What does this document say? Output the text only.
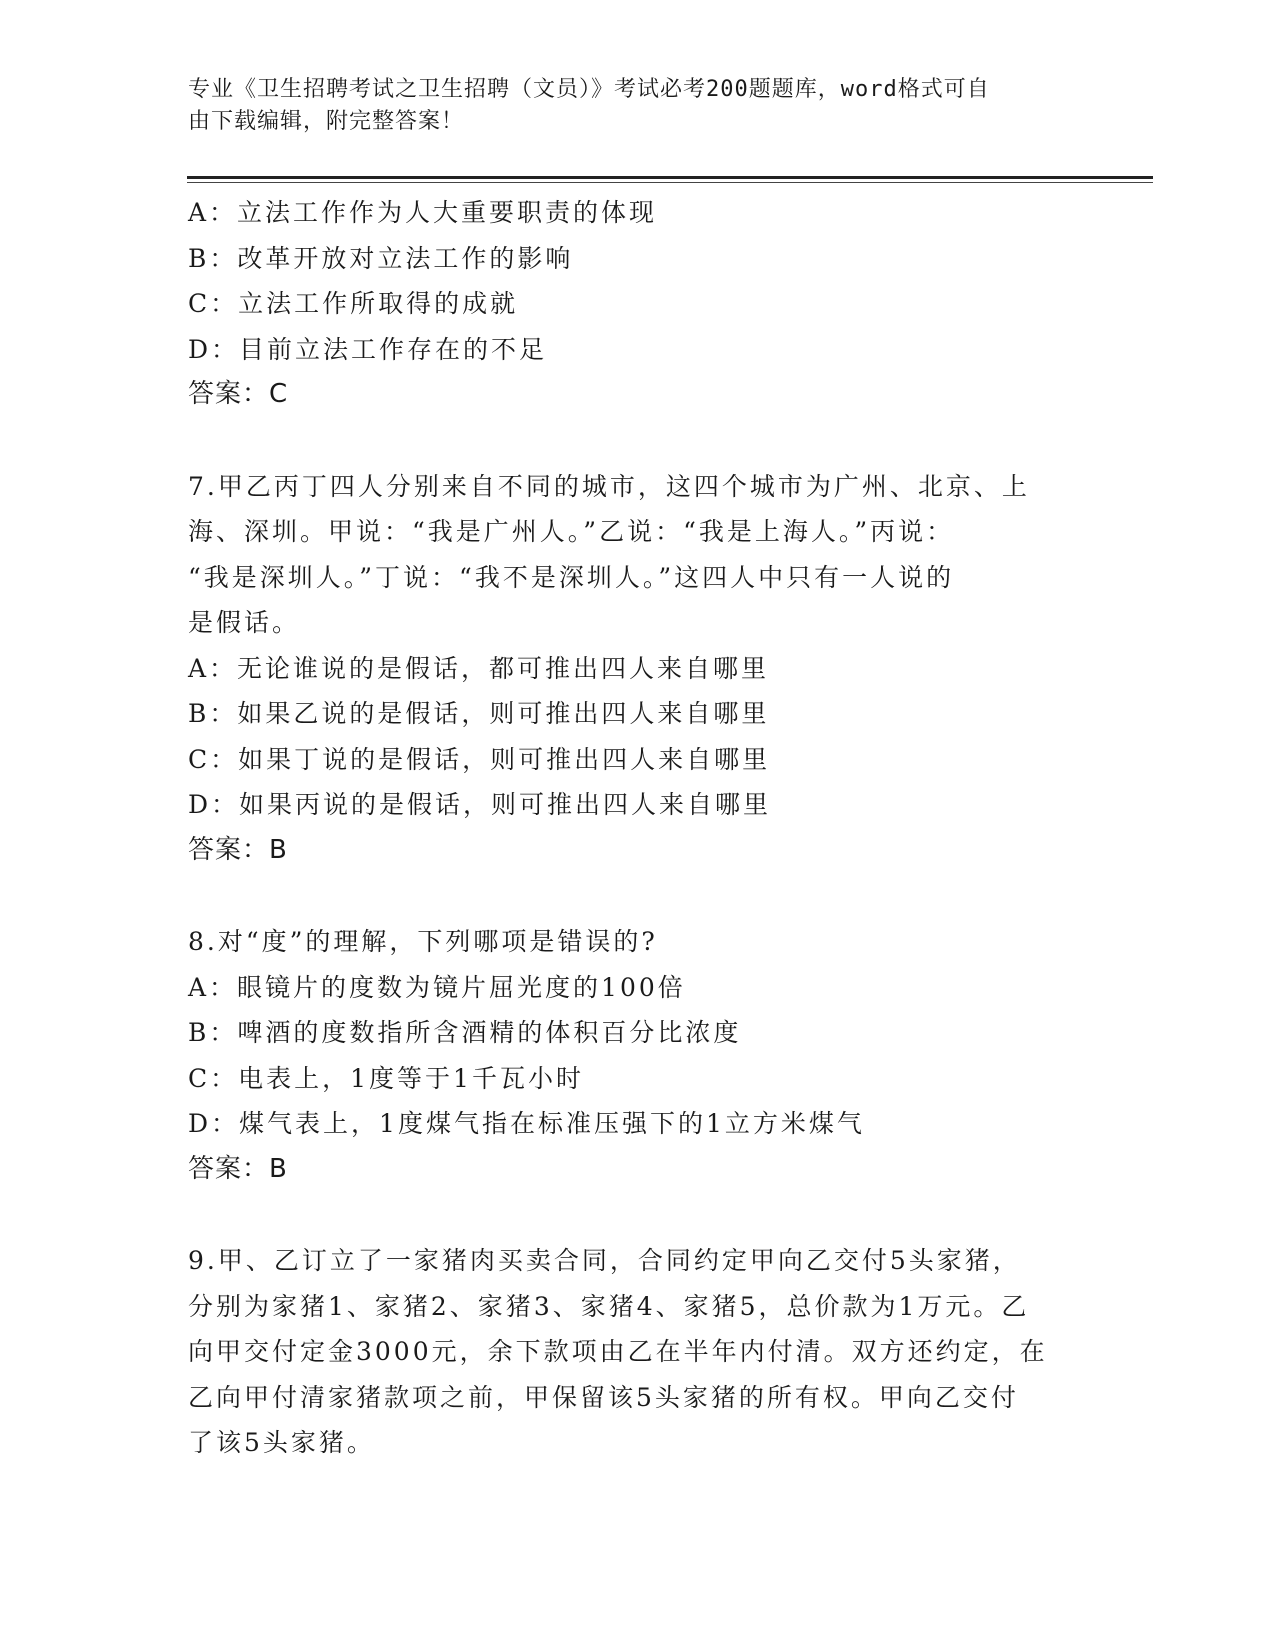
专业《卫生招聘考试之卫生招聘（文员）》考试必考200题题库，word格式可自
由下载编辑，附完整答案！
A：立法工作作为人大重要职责的体现
B：改革开放对立法工作的影响
C：立法工作所取得的成就
D：目前立法工作存在的不足
答案：C
7.甲乙丙丁四人分别来自不同的城市，这四个城市为广州、北京、上
海、深圳。甲说：“我是广州人。”乙说：“我是上海人。”丙说：
“我是深圳人。”丁说：“我不是深圳人。”这四人中只有一人说的
是假话。
A：无论谁说的是假话，都可推出四人来自哪里
B：如果乙说的是假话，则可推出四人来自哪里
C：如果丁说的是假话，则可推出四人来自哪里
D：如果丙说的是假话，则可推出四人来自哪里
答案：B
8.对“度”的理解，下列哪项是错误的?
A：眼镜片的度数为镜片屈光度的100倍
B：啤酒的度数指所含酒精的体积百分比浓度
C：电表上，1度等于1千瓦小时
D：煤气表上，1度煤气指在标准压强下的1立方米煤气
答案：B
9.甲、乙订立了一家猪肉买卖合同，合同约定甲向乙交付5头家猪，
分别为家猪1、家猪2、家猪3、家猪4、家猪5，总价款为1万元。乙
向甲交付定金3000元，余下款项由乙在半年内付清。双方还约定，在
乙向甲付清家猪款项之前，甲保留该5头家猪的所有权。甲向乙交付
了该5头家猪。
